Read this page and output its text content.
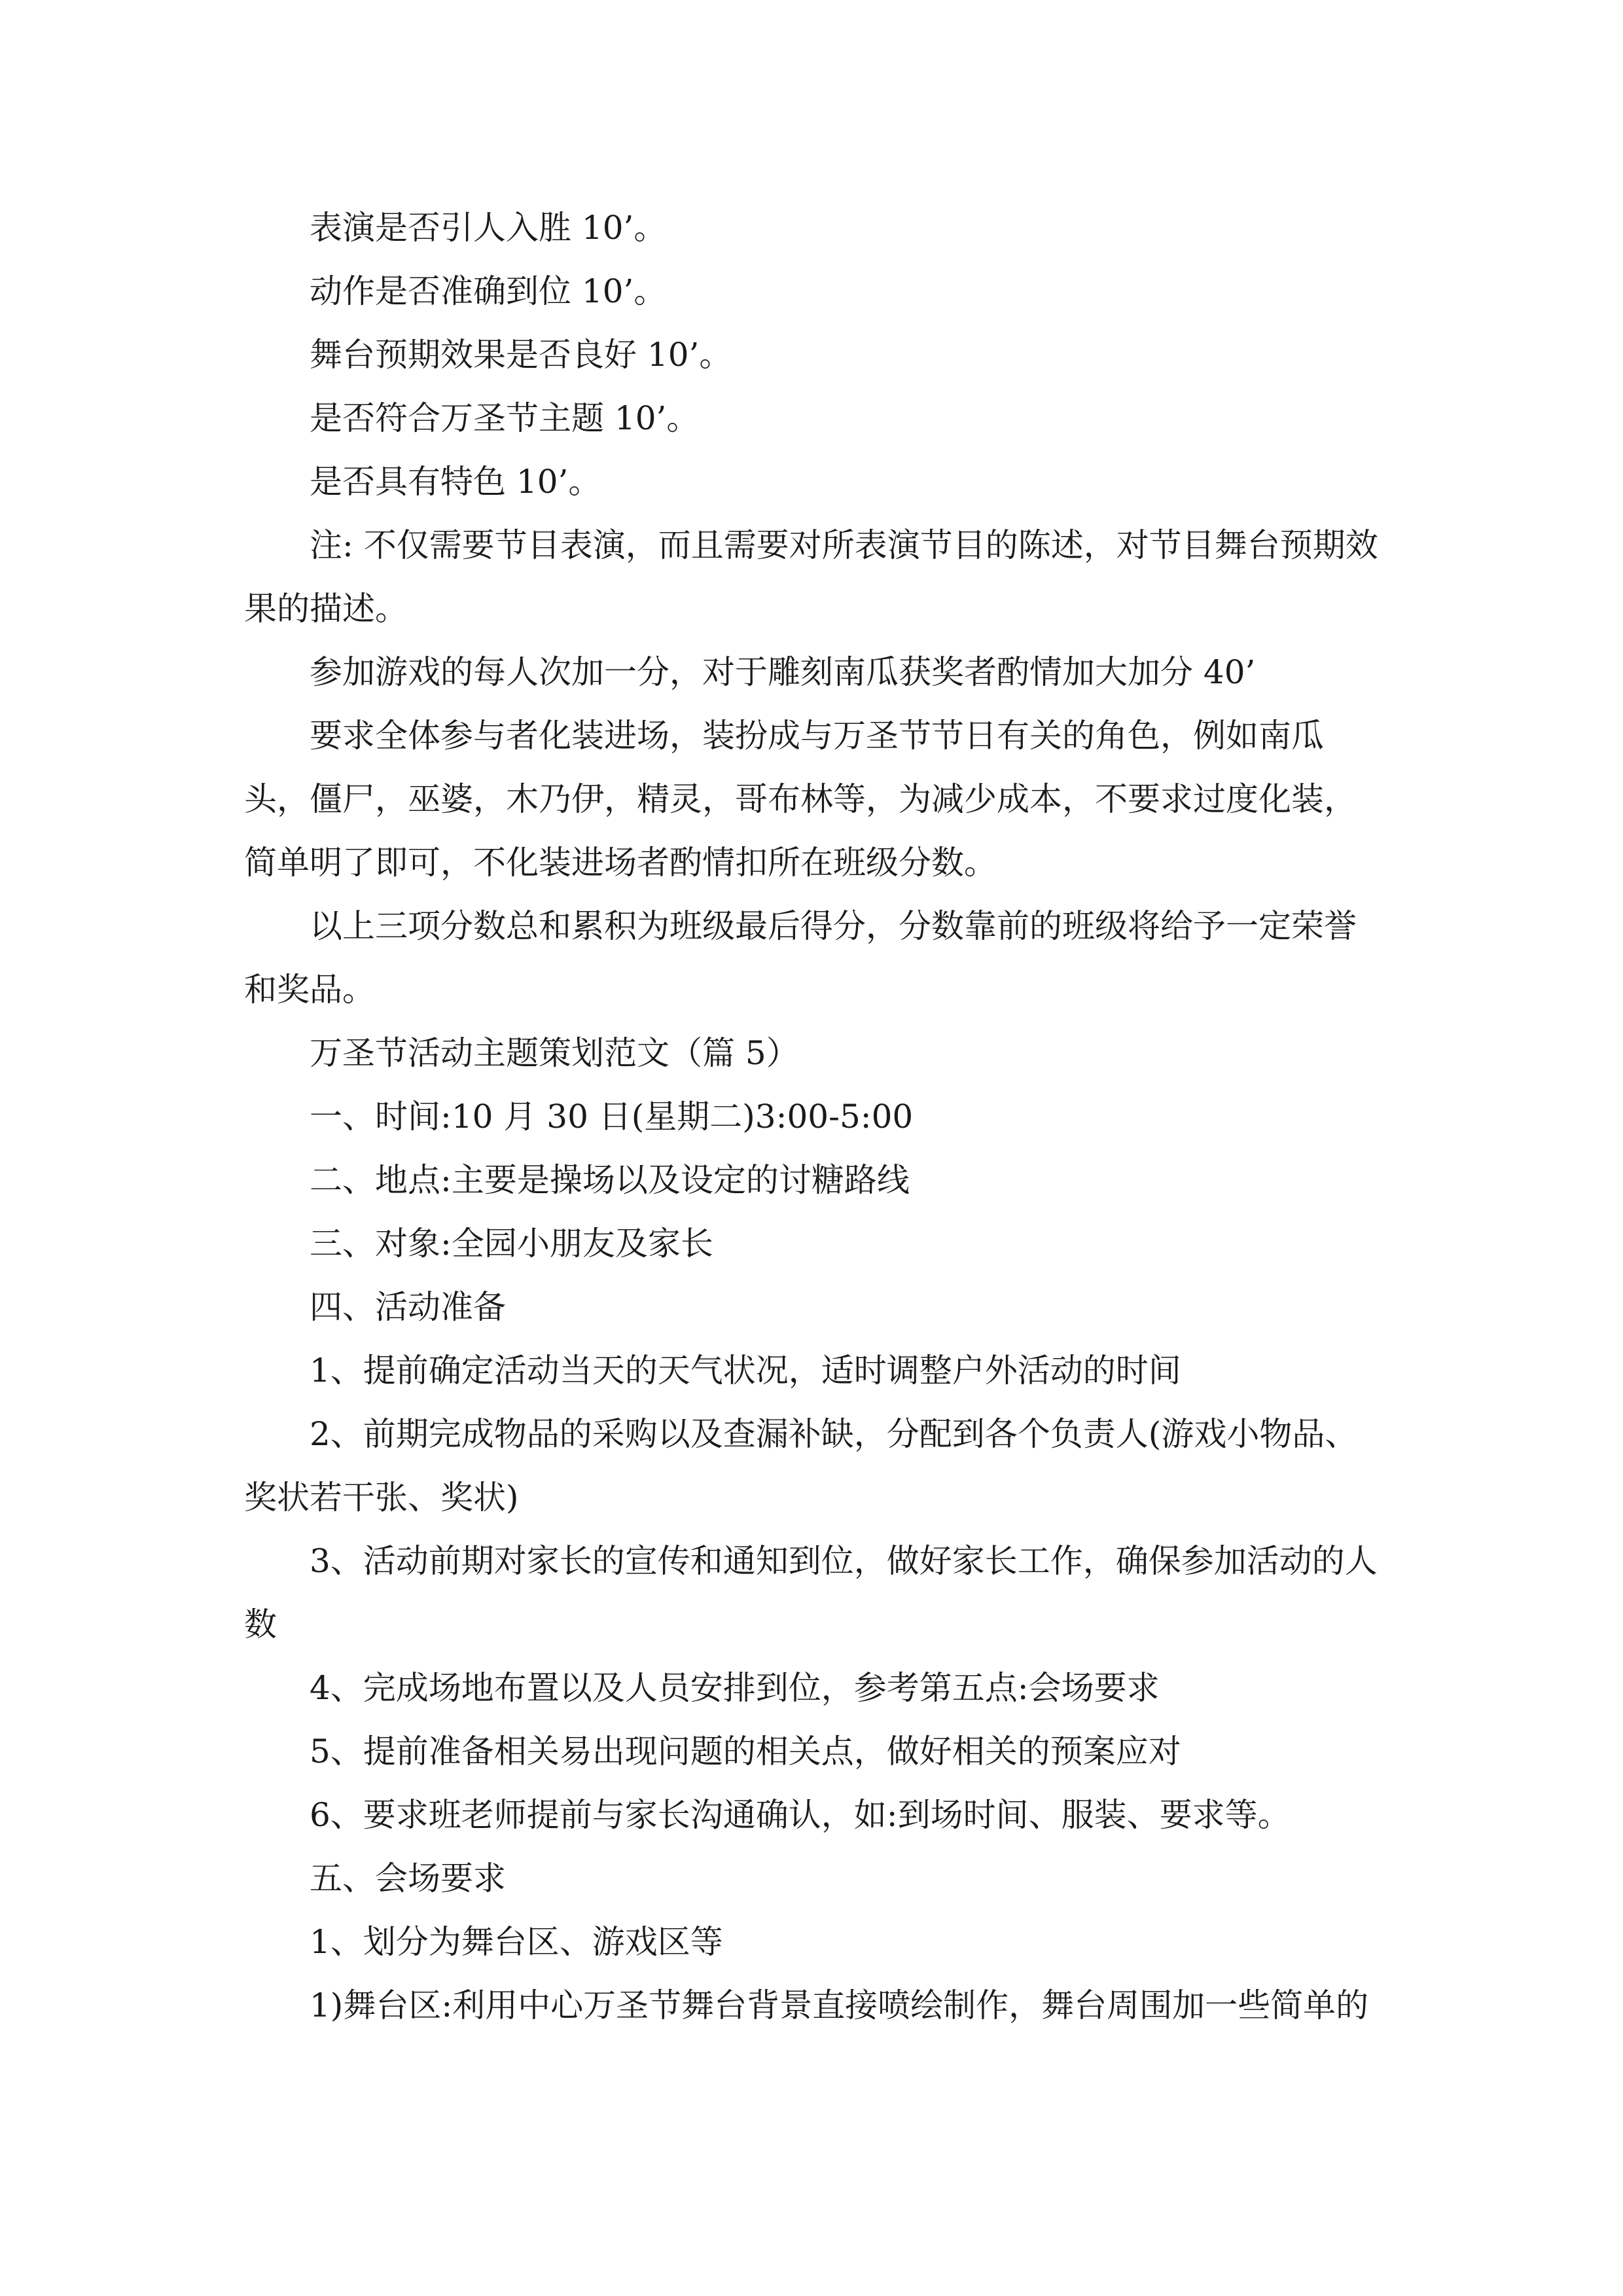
表演是否引人入胜 10’。

动作是否准确到位 10’。

舞台预期效果是否良好 10’。

是否符合万圣节主题 10’。

是否具有特色 10’。

注: 不仅需要节目表演，而且需要对所表演节目的陈述，对节目舞台预期效果的描述。

参加游戏的每人次加一分，对于雕刻南瓜获奖者酌情加大加分 40’

要求全体参与者化装进场，装扮成与万圣节节日有关的角色，例如南瓜头，僵尸，巫婆，木乃伊，精灵，哥布林等，为减少成本，不要求过度化装，简单明了即可，不化装进场者酌情扣所在班级分数。

以上三项分数总和累积为班级最后得分，分数靠前的班级将给予一定荣誉和奖品。

万圣节活动主题策划范文（篇 5）

一、时间:10 月 30 日(星期二)3:00-5:00

二、地点:主要是操场以及设定的讨糖路线

三、对象:全园小朋友及家长

四、活动准备

1、提前确定活动当天的天气状况，适时调整户外活动的时间

2、前期完成物品的采购以及查漏补缺，分配到各个负责人(游戏小物品、奖状若干张、奖状)

3、活动前期对家长的宣传和通知到位，做好家长工作，确保参加活动的人数

4、完成场地布置以及人员安排到位，参考第五点:会场要求

5、提前准备相关易出现问题的相关点，做好相关的预案应对

6、要求班老师提前与家长沟通确认，如:到场时间、服装、要求等。

五、会场要求

1、划分为舞台区、游戏区等

1)舞台区:利用中心万圣节舞台背景直接喷绘制作，舞台周围加一些简单的
